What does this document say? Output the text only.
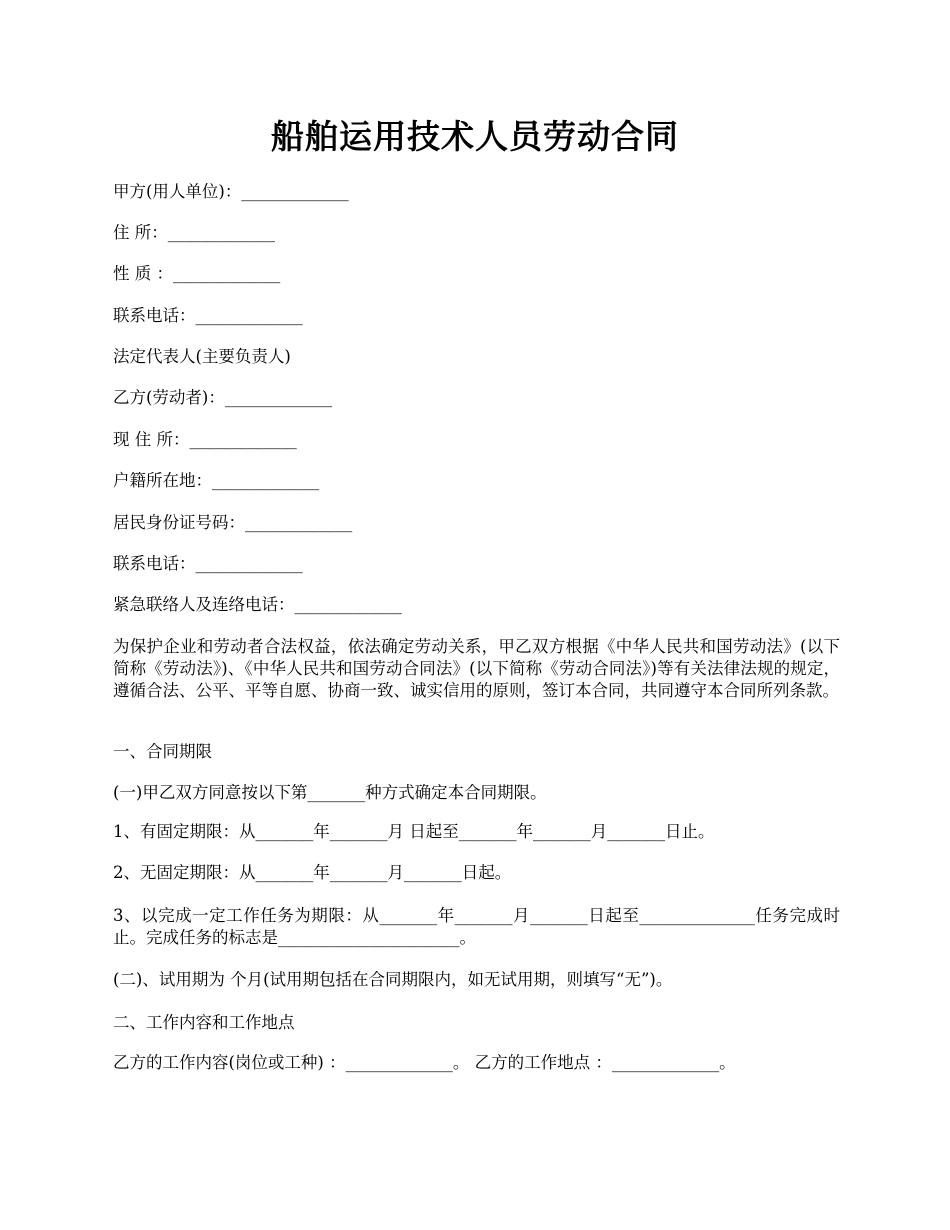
船舶运用技术人员劳动合同
甲方(用人单位)：_____________
住 所：_____________
性 质 ：_____________
联系电话：_____________
法定代表人(主要负责人)
乙方(劳动者)：_____________
现 住 所：_____________
户籍所在地：_____________
居民身份证号码：_____________
联系电话：_____________
紧急联络人及连络电话：_____________
为保护企业和劳动者合法权益，依法确定劳动关系，甲乙双方根据《中华人民共和国劳动法》(以下简称《劳动法》)、《中华人民共和国劳动合同法》(以下简称《劳动合同法》)等有关法律法规的规定，遵循合法、公平、平等自愿、协商一致、诚实信用的原则，签订本合同，共同遵守本合同所列条款。
一、合同期限
(一)甲乙双方同意按以下第_______种方式确定本合同期限。
1、有固定期限：从_______年_______月 日起至_______年_______月_______日止。
2、无固定期限：从_______年_______月_______日起。
3、以完成一定工作任务为期限：从_______年_______月_______日起至______________任务完成时止。完成任务的标志是______________________。
(二)、试用期为 个月(试用期包括在合同期限内，如无试用期，则填写“无”)。
二、工作内容和工作地点
乙方的工作内容(岗位或工种) ：_____________。 乙方的工作地点 ：_____________。
